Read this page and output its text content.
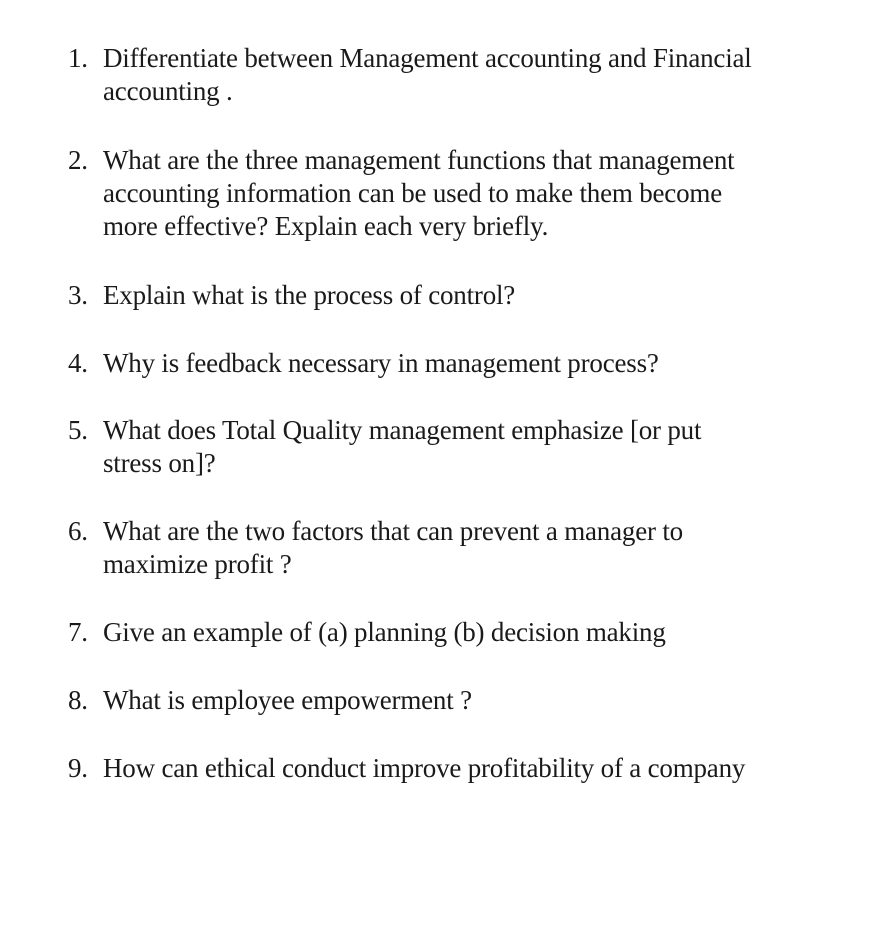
1. Differentiate between Management accounting and Financial
accounting .
2. What are the three management functions that management
accounting information can be used to make them become
more effective? Explain each very briefly.
3. Explain what is the process of control?
4. Why is feedback necessary in management process?
5. What does Total Quality management emphasize [or put
stress on]?
6. What are the two factors that can prevent a manager to
maximize profit ?
7. Give an example of (a) planning (b) decision making
8. What is employee empowerment ?
9. How can ethical conduct improve profitability of a company
